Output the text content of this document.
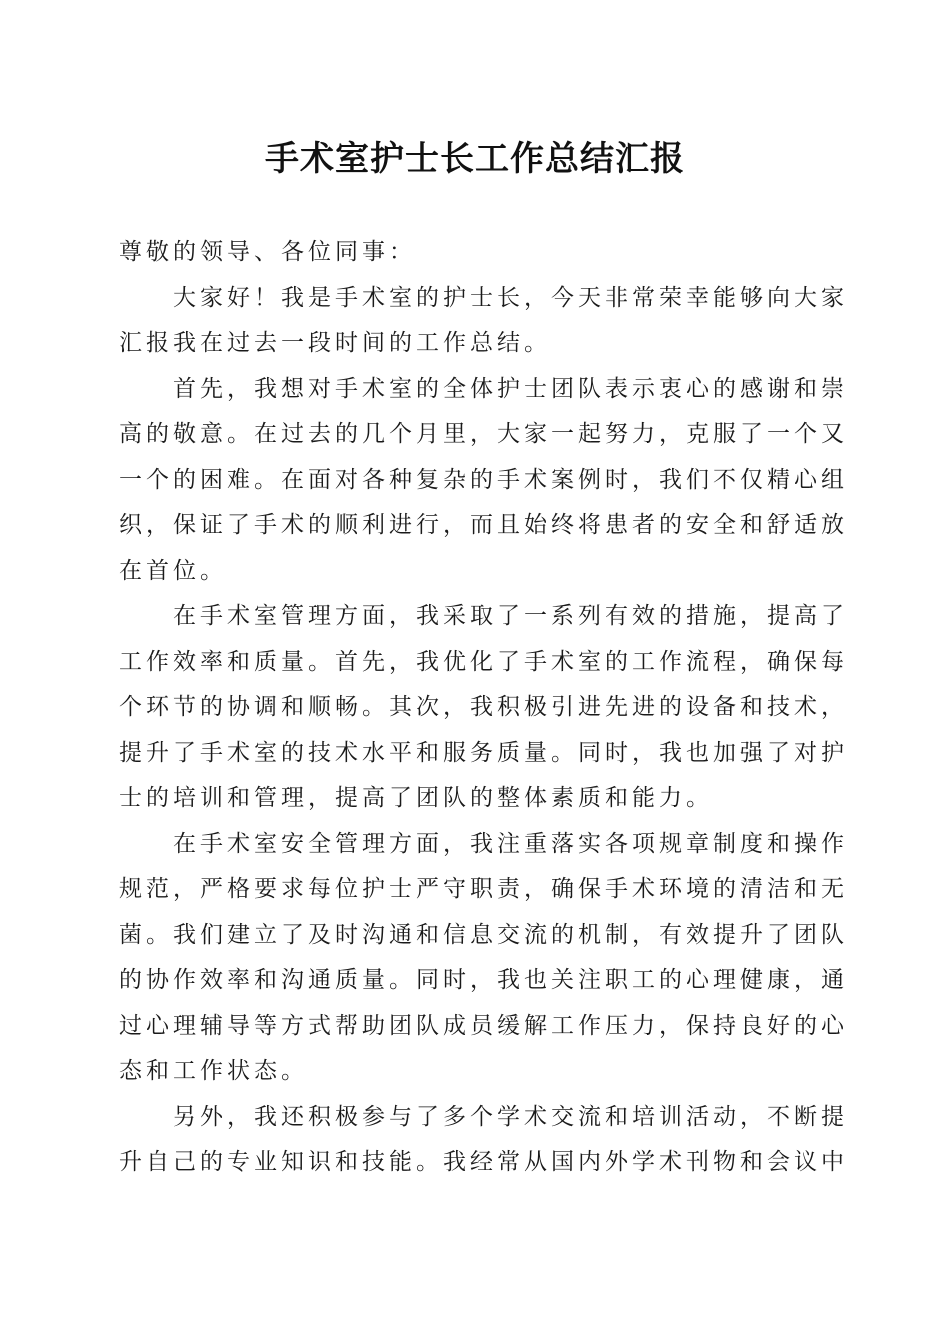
手术室护士长工作总结汇报

尊敬的领导、各位同事：

大家好！我是手术室的护士长，今天非常荣幸能够向大家
汇报我在过去一段时间的工作总结。

首先，我想对手术室的全体护士团队表示衷心的感谢和崇
高的敬意。在过去的几个月里，大家一起努力，克服了一个又
一个的困难。在面对各种复杂的手术案例时，我们不仅精心组
织，保证了手术的顺利进行，而且始终将患者的安全和舒适放
在首位。

在手术室管理方面，我采取了一系列有效的措施，提高了
工作效率和质量。首先，我优化了手术室的工作流程，确保每
个环节的协调和顺畅。其次，我积极引进先进的设备和技术，
提升了手术室的技术水平和服务质量。同时，我也加强了对护
士的培训和管理，提高了团队的整体素质和能力。

在手术室安全管理方面，我注重落实各项规章制度和操作
规范，严格要求每位护士严守职责，确保手术环境的清洁和无
菌。我们建立了及时沟通和信息交流的机制，有效提升了团队
的协作效率和沟通质量。同时，我也关注职工的心理健康，通
过心理辅导等方式帮助团队成员缓解工作压力，保持良好的心
态和工作状态。

另外，我还积极参与了多个学术交流和培训活动，不断提
升自己的专业知识和技能。我经常从国内外学术刊物和会议中
